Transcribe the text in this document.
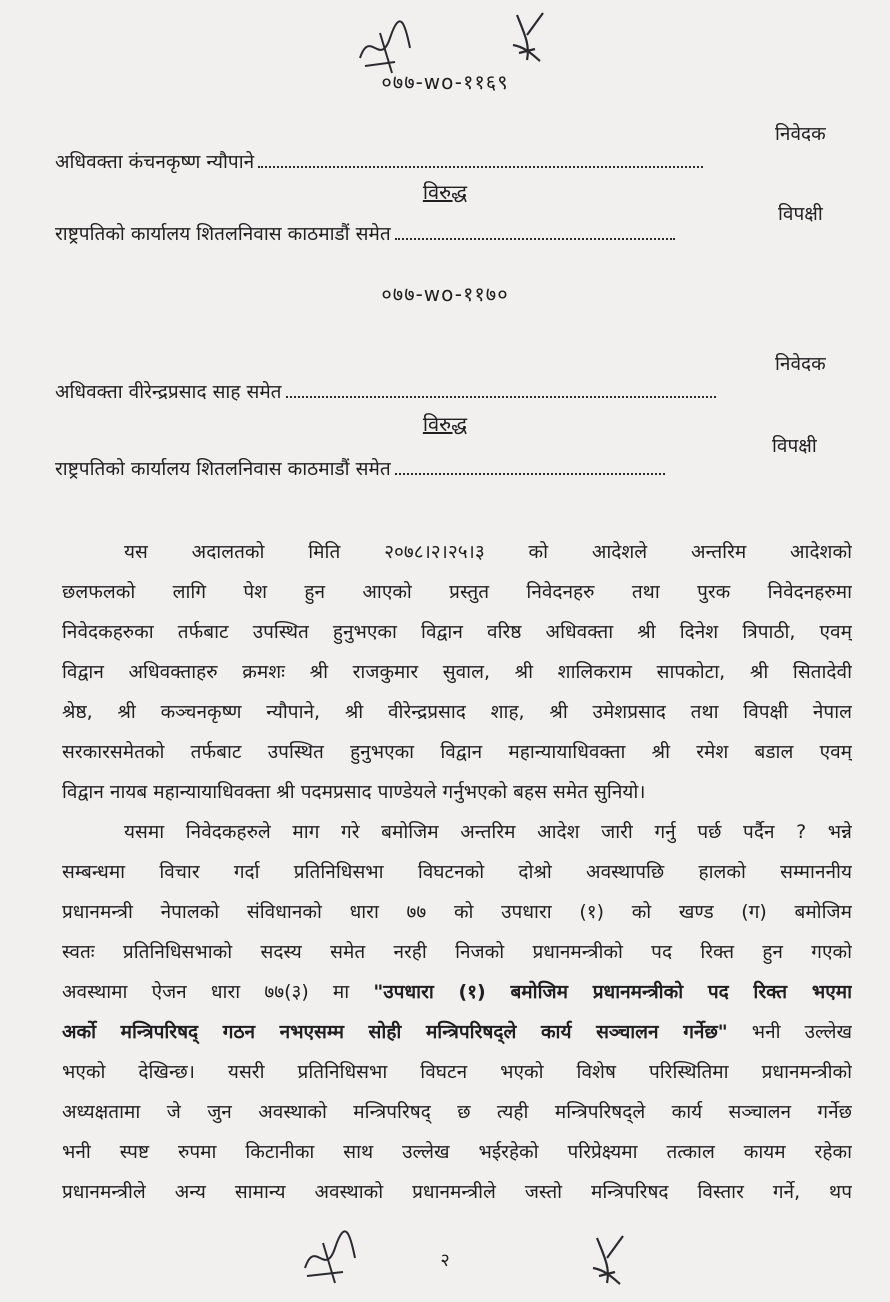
०७७-wo-११६९
अधिवक्ता कंचनकृष्ण न्यौपाने
निवेदक
विरुद्ध
राष्ट्रपतिको कार्यालय शितलनिवास काठमाडौं समेत
विपक्षी
०७७-wo-११७०
अधिवक्ता वीरेन्द्रप्रसाद साह समेत
निवेदक
विरुद्ध
राष्ट्रपतिको कार्यालय शितलनिवास काठमाडौं समेत
विपक्षी
यस अदालतको मिति २०७८।२।२५।३ को आदेशले अन्तरिम आदेशको
छलफलको लागि पेश हुन आएको प्रस्तुत निवेदनहरु तथा पुरक निवेदनहरुमा
निवेदकहरुका तर्फबाट उपस्थित हुनुभएका विद्वान वरिष्ठ अधिवक्ता श्री दिनेश त्रिपाठी, एवम्
विद्वान अधिवक्ताहरु क्रमशः श्री राजकुमार सुवाल, श्री शालिकराम सापकोटा, श्री सितादेवी
श्रेष्ठ, श्री कञ्चनकृष्ण न्यौपाने, श्री वीरेन्द्रप्रसाद शाह, श्री उमेशप्रसाद तथा विपक्षी नेपाल
सरकारसमेतको तर्फबाट उपस्थित हुनुभएका विद्वान महान्यायाधिवक्ता श्री रमेश बडाल एवम्
विद्वान नायब महान्यायाधिवक्ता श्री पदमप्रसाद पाण्डेयले गर्नुभएको बहस समेत सुनियो।
यसमा निवेदकहरुले माग गरे बमोजिम अन्तरिम आदेश जारी गर्नु पर्छ पर्दैन ? भन्ने
सम्बन्धमा विचार गर्दा प्रतिनिधिसभा विघटनको दोश्रो अवस्थापछि हालको सम्माननीय
प्रधानमन्त्री नेपालको संविधानको धारा ७७ को उपधारा (१) को खण्ड (ग) बमोजिम
स्वतः प्रतिनिधिसभाको सदस्य समेत नरही निजको प्रधानमन्त्रीको पद रिक्त हुन गएको
अवस्थामा ऐजन धारा ७७(३) मा "उपधारा (१) बमोजिम प्रधानमन्त्रीको पद रिक्त भएमा
अर्को मन्त्रिपरिषद् गठन नभएसम्म सोही मन्त्रिपरिषद्ले कार्य सञ्चालन गर्नेछ" भनी उल्लेख
भएको देखिन्छ। यसरी प्रतिनिधिसभा विघटन भएको विशेष परिस्थितिमा प्रधानमन्त्रीको
अध्यक्षतामा जे जुन अवस्थाको मन्त्रिपरिषद् छ त्यही मन्त्रिपरिषद्ले कार्य सञ्चालन गर्नेछ
भनी स्पष्ट रुपमा किटानीका साथ उल्लेख भईरहेको परिप्रेक्ष्यमा तत्काल कायम रहेका
प्रधानमन्त्रीले अन्य सामान्य अवस्थाको प्रधानमन्त्रीले जस्तो मन्त्रिपरिषद विस्तार गर्ने, थप
२
